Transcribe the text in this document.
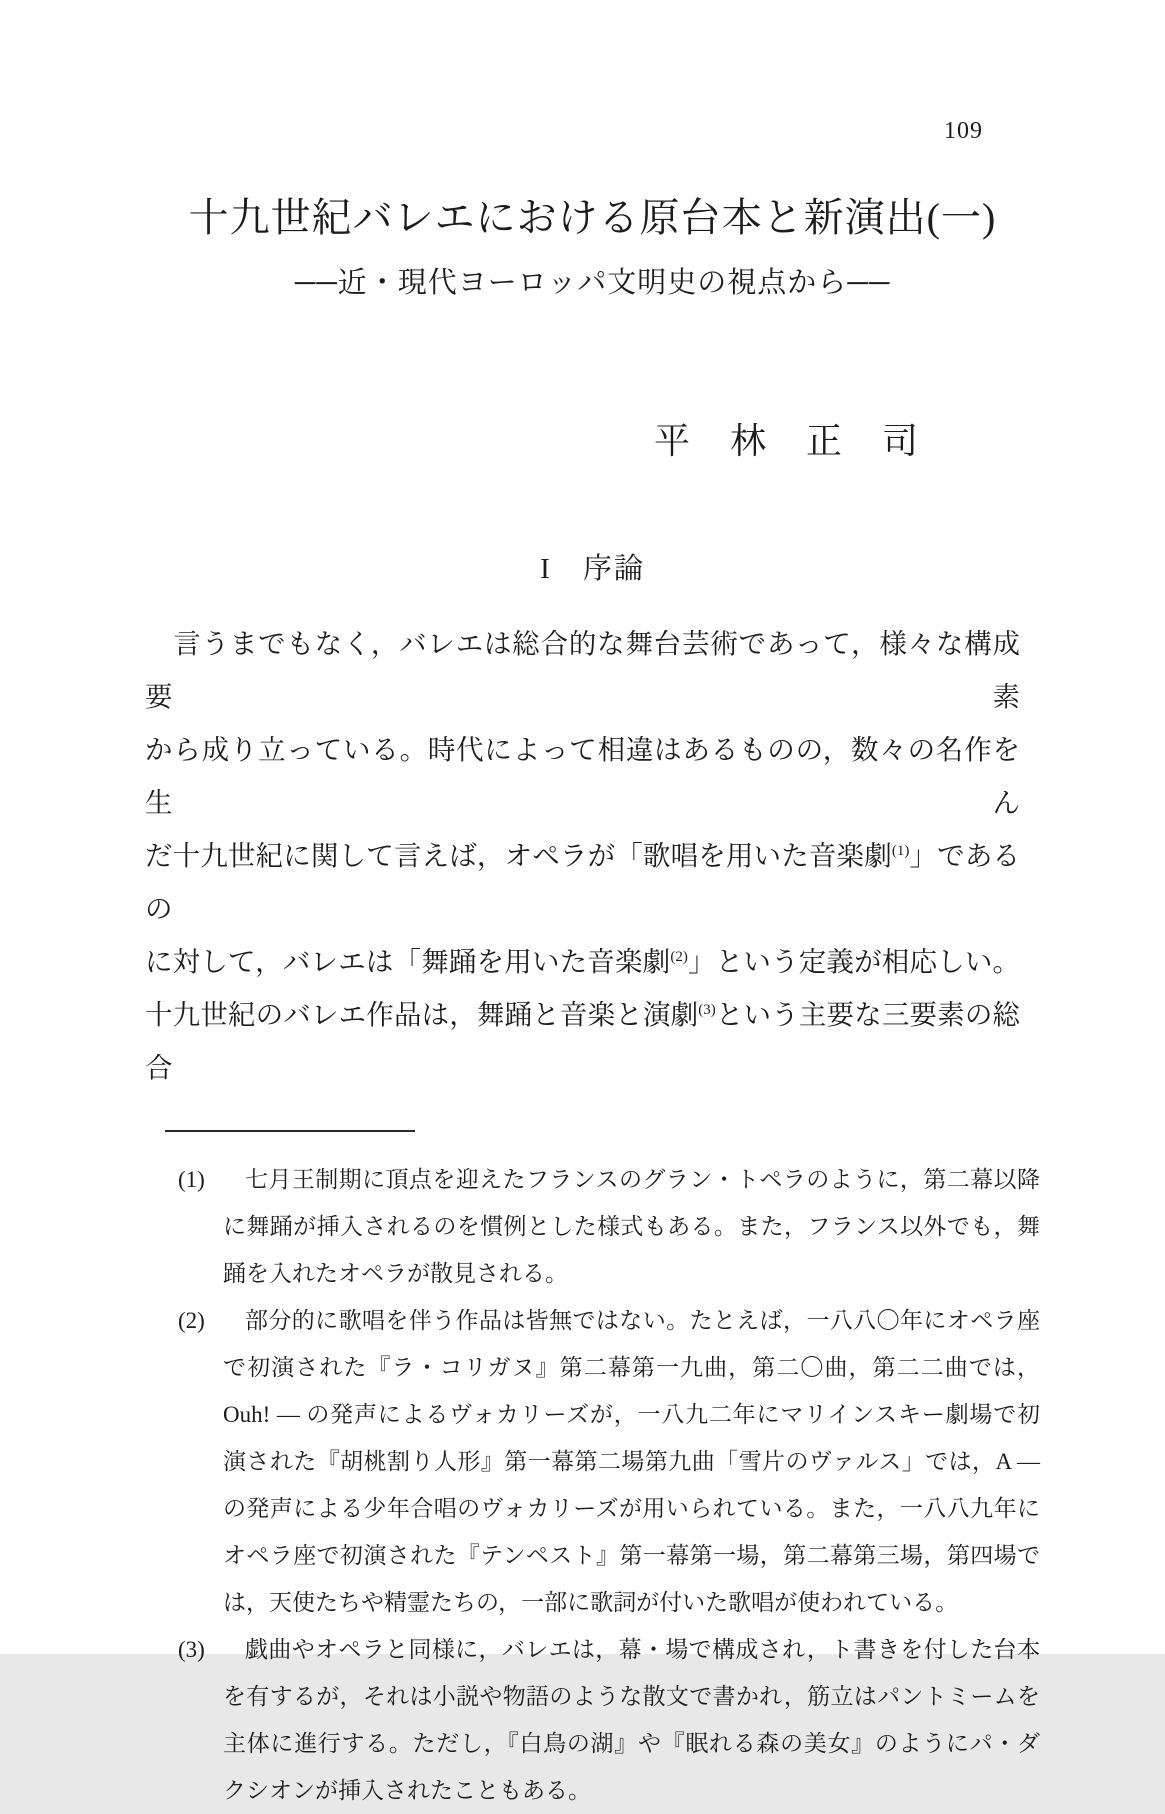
109
十九世紀バレエにおける原台本と新演出(一)
──近・現代ヨーロッパ文明史の視点から──
平　林　正　司
I　序論
　言うまでもなく，バレエは総合的な舞台芸術であって，様々な構成要素
から成り立っている。時代によって相違はあるものの，数々の名作を生ん
だ十九世紀に関して言えば，オペラが「歌唱を用いた音楽劇$^{(1)}$」であるの
に対して，バレエは「舞踊を用いた音楽劇$^{(2)}$」という定義が相応しい。
十九世紀のバレエ作品は，舞踊と音楽と演劇$^{(3)}$という主要な三要素の総合
(1)	七月王制期に頂点を迎えたフランスのグラン・トペラのように，第二幕以降
に舞踊が挿入されるのを慣例とした様式もある。また，フランス以外でも，舞
踊を入れたオペラが散見される。
(2)	部分的に歌唱を伴う作品は皆無ではない。たとえば，一八八〇年にオペラ座
で初演された『ラ・コリガヌ』第二幕第一九曲，第二〇曲，第二二曲では，
Ouh! — の発声によるヴォカリーズが，一八九二年にマリインスキー劇場で初
演された『胡桃割り人形』第一幕第二場第九曲「雪片のヴァルス」では，A —
の発声による少年合唱のヴォカリーズが用いられている。また，一八八九年に
オペラ座で初演された『テンペスト』第一幕第一場，第二幕第三場，第四場で
は，天使たちや精霊たちの，一部に歌詞が付いた歌唱が使われている。
(3)	戯曲やオペラと同様に，バレエは，幕・場で構成され，ト書きを付した台本
を有するが，それは小説や物語のような散文で書かれ，筋立はパントミームを
主体に進行する。ただし，『白鳥の湖』や『眠れる森の美女』のようにパ・ダ
クシオンが挿入されたこともある。
